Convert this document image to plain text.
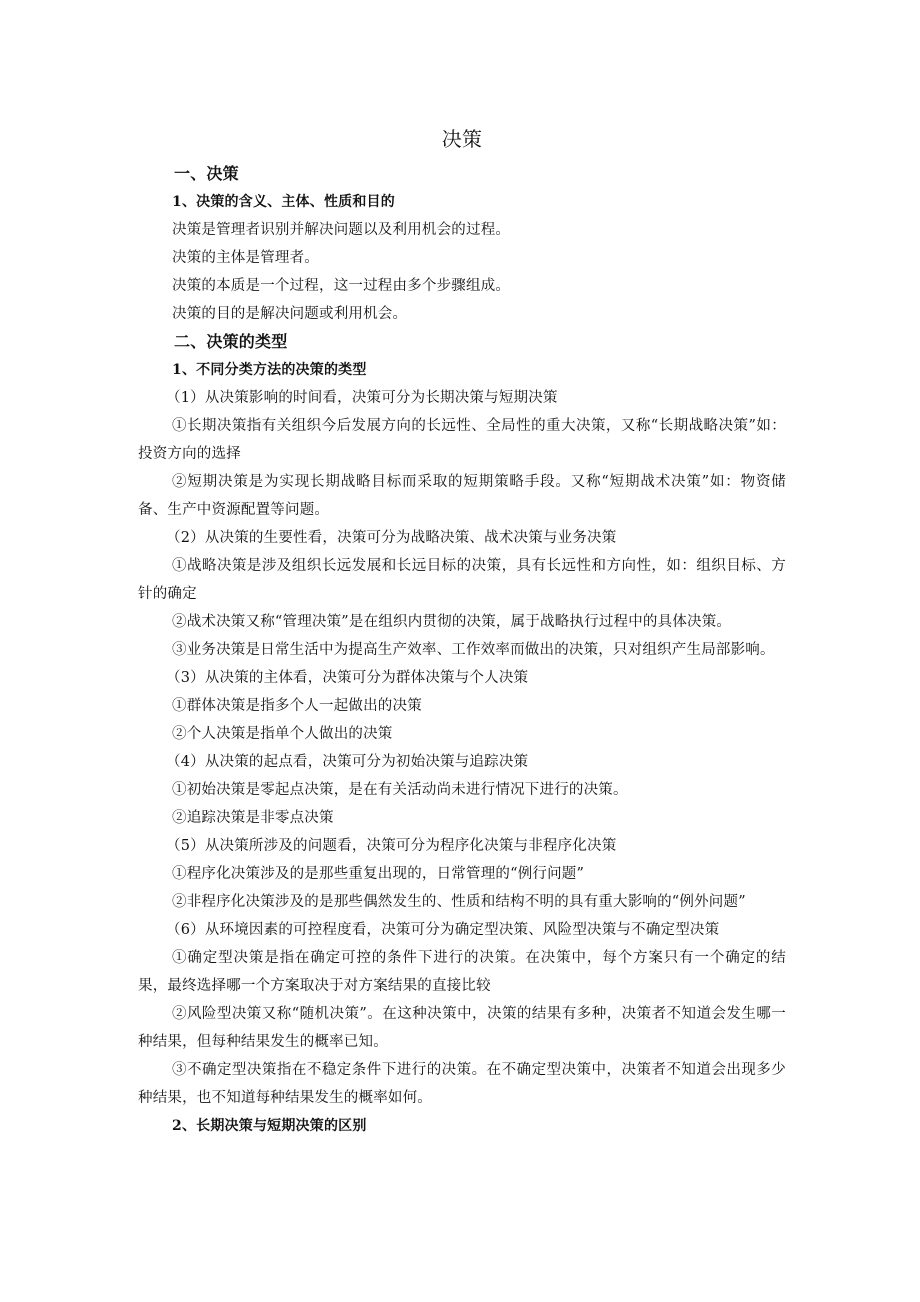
决策
一、决策
1、决策的含义、主体、性质和目的

决策是管理者识别并解决问题以及利用机会的过程。

决策的主体是管理者。

决策的本质是一个过程，这一过程由多个步骤组成。

决策的目的是解决问题或利用机会。

二、决策的类型
1、不同分类方法的决策的类型

（1）从决策影响的时间看，决策可分为长期决策与短期决策

①长期决策指有关组织今后发展方向的长远性、全局性的重大决策，又称“长期战略决策”如：投资方向的选择

②短期决策是为实现长期战略目标而采取的短期策略手段。又称“短期战术决策”如：物资储备、生产中资源配置等问题。

（2）从决策的生要性看，决策可分为战略决策、战术决策与业务决策

①战略决策是涉及组织长远发展和长远目标的决策，具有长远性和方向性，如：组织目标、方针的确定

②战术决策又称“管理决策”是在组织内贯彻的决策，属于战略执行过程中的具体决策。

③业务决策是日常生活中为提高生产效率、工作效率而做出的决策，只对组织产生局部影响。

（3）从决策的主体看，决策可分为群体决策与个人决策

①群体决策是指多个人一起做出的决策

②个人决策是指单个人做出的决策

（4）从决策的起点看，决策可分为初始决策与追踪决策

①初始决策是零起点决策，是在有关活动尚未进行情况下进行的决策。

②追踪决策是非零点决策

（5）从决策所涉及的问题看，决策可分为程序化决策与非程序化决策

①程序化决策涉及的是那些重复出现的，日常管理的“例行问题”

②非程序化决策涉及的是那些偶然发生的、性质和结构不明的具有重大影响的“例外问题”

（6）从环境因素的可控程度看，决策可分为确定型决策、风险型决策与不确定型决策

①确定型决策是指在确定可控的条件下进行的决策。在决策中，每个方案只有一个确定的结果，最终选择哪一个方案取决于对方案结果的直接比较

②风险型决策又称“随机决策”。在这种决策中，决策的结果有多种，决策者不知道会发生哪一种结果，但每种结果发生的概率已知。

③不确定型决策指在不稳定条件下进行的决策。在不确定型决策中，决策者不知道会出现多少种结果，也不知道每种结果发生的概率如何。

2、长期决策与短期决策的区别
